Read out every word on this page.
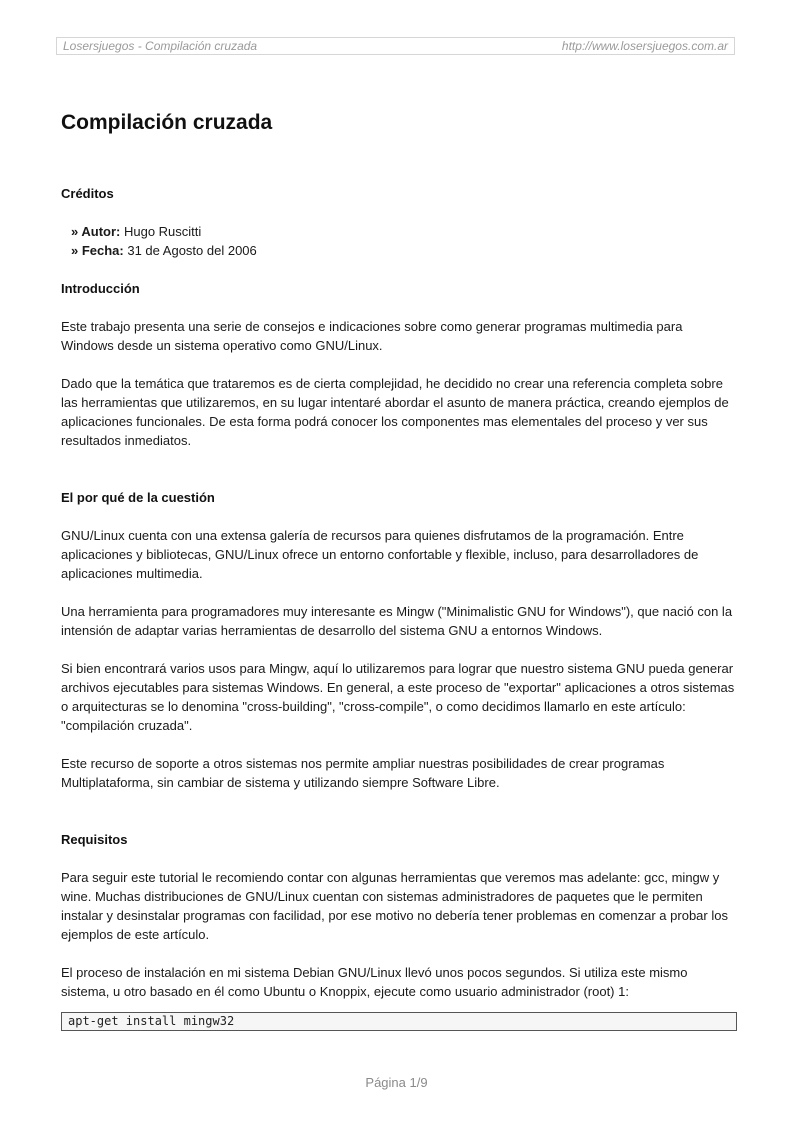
Losersjuegos - Compilación cruzada	http://www.losersjuegos.com.ar
Compilación cruzada
Créditos
» Autor: Hugo Ruscitti
» Fecha: 31 de Agosto del 2006
Introducción

Este trabajo presenta una serie de consejos e indicaciones sobre como generar programas multimedia para Windows desde un sistema operativo como GNU/Linux.

Dado que la temática que trataremos es de cierta complejidad, he decidido no crear una referencia completa sobre las herramientas que utilizaremos, en su lugar intentaré abordar el asunto de manera práctica, creando ejemplos de aplicaciones funcionales. De esta forma podrá conocer los componentes mas elementales del proceso y ver sus resultados inmediatos.

El por qué de la cuestión

GNU/Linux cuenta con una extensa galería de recursos para quienes disfrutamos de la programación. Entre aplicaciones y bibliotecas, GNU/Linux ofrece un entorno confortable y flexible, incluso, para desarrolladores de aplicaciones multimedia.

Una herramienta para programadores muy interesante es Mingw ("Minimalistic GNU for Windows"), que nació con la intensión de adaptar varias herramientas de desarrollo del sistema GNU a entornos Windows.

Si bien encontrará varios usos para Mingw, aquí lo utilizaremos para lograr que nuestro sistema GNU pueda generar archivos ejecutables para sistemas Windows. En general, a este proceso de "exportar" aplicaciones a otros sistemas o arquitecturas se lo denomina "cross-building", "cross-compile", o como decidimos llamarlo en este artículo: "compilación cruzada".

Este recurso de soporte a otros sistemas nos permite ampliar nuestras posibilidades de crear programas Multiplataforma, sin cambiar de sistema y utilizando siempre Software Libre.

Requisitos

Para seguir este tutorial le recomiendo contar con algunas herramientas que veremos mas adelante: gcc, mingw y wine. Muchas distribuciones de GNU/Linux cuentan con sistemas administradores de paquetes que le permiten instalar y desinstalar programas con facilidad, por ese motivo no debería tener problemas en comenzar a probar los ejemplos de este artículo.

El proceso de instalación en mi sistema Debian GNU/Linux llevó unos pocos segundos. Si utiliza este mismo sistema, u otro basado en él como Ubuntu o Knoppix, ejecute como usuario administrador (root) 1:

apt-get install mingw32
Página 1/9
